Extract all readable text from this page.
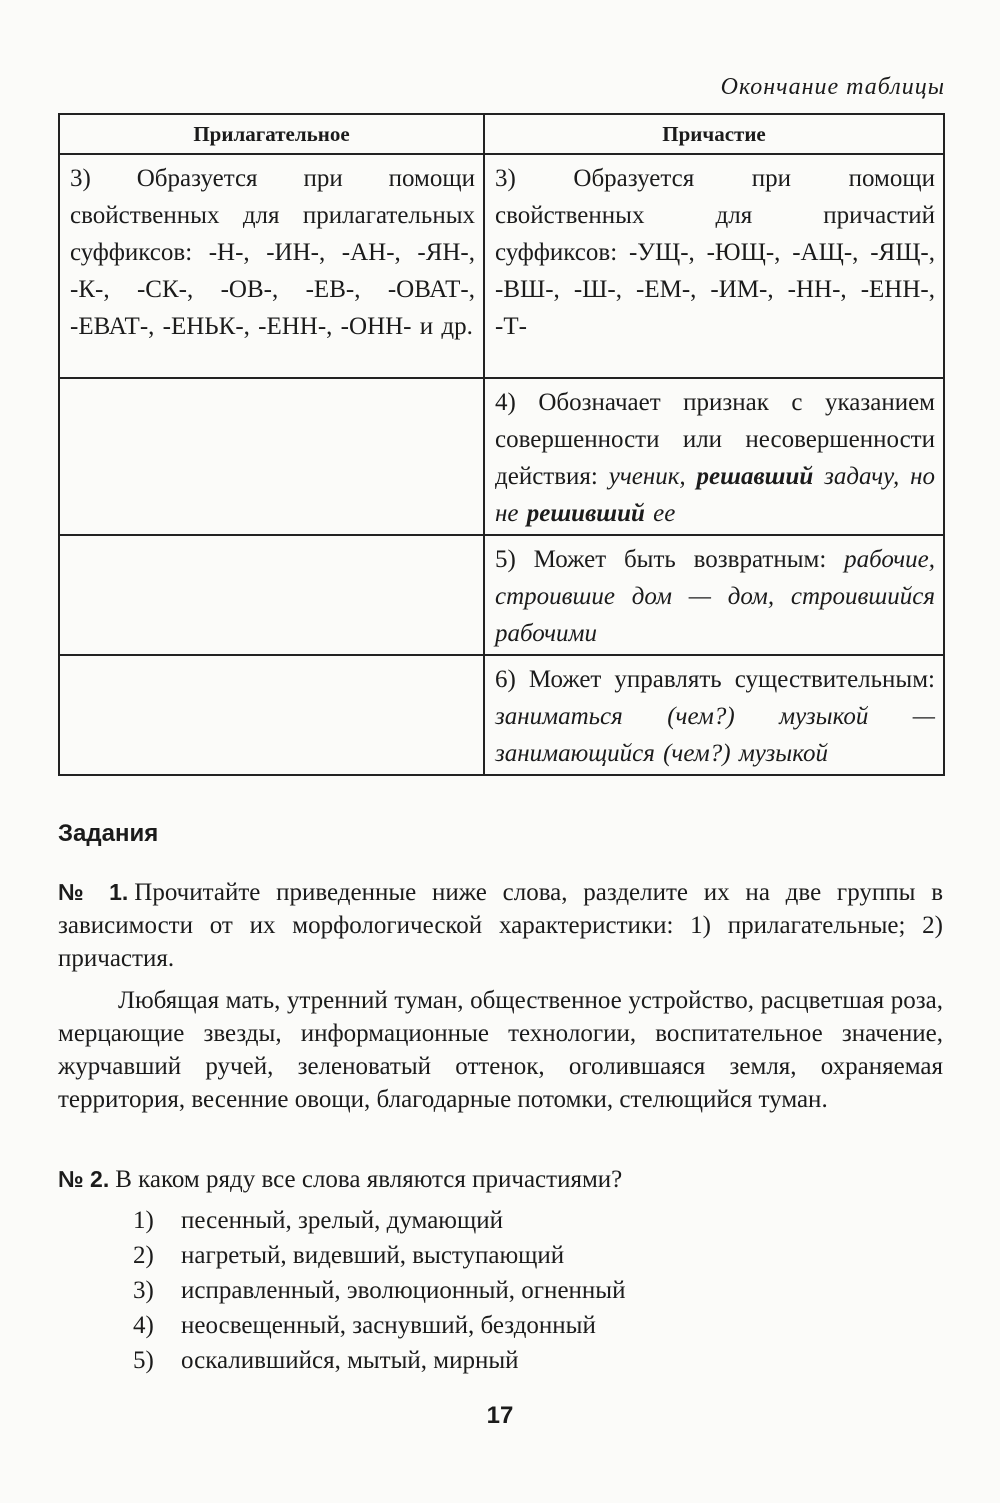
Окончание таблицы
Прилагательное	Причастие
3) Образуется при помощи свойственных для прилагательных суффиксов: -Н-, -ИН-, -АН-, -ЯН-, -К-, -СК-, -ОВ-, -ЕВ-, -ОВАТ-, -ЕВАТ-, -ЕНЬК-, -ЕНН-, -ОНН- и др.	3) Образуется при помощи свойственных для причастий суффиксов: -УЩ-, -ЮЩ-, -АЩ-, -ЯЩ-, -ВШ-, -Ш-, -ЕМ-, -ИМ-, -НН-, -ЕНН-, -Т-
	4) Обозначает признак с указанием совершенности или несовершенности действия: ученик, решавший задачу, но не решивший ее
	5) Может быть возвратным: рабочие, строившие дом — дом, строившийся рабочими
	6) Может управлять существительным: заниматься (чем?) музыкой — занимающийся (чем?) музыкой
Задания
№ 1. Прочитайте приведенные ниже слова, разделите их на две группы в зависимости от их морфологической характеристики: 1) прилагательные; 2) причастия.
Любящая мать, утренний туман, общественное устройство, расцветшая роза, мерцающие звезды, информационные технологии, воспитательное значение, журчавший ручей, зеленоватый оттенок, оголившаяся земля, охраняемая территория, весенние овощи, благодарные потомки, стелющийся туман.
№ 2. В каком ряду все слова являются причастиями?
1)	песенный, зрелый, думающий
2)	нагретый, видевший, выступающий
3)	исправленный, эволюционный, огненный
4)	неосвещенный, заснувший, бездонный
5)	оскалившийся, мытый, мирный
17
